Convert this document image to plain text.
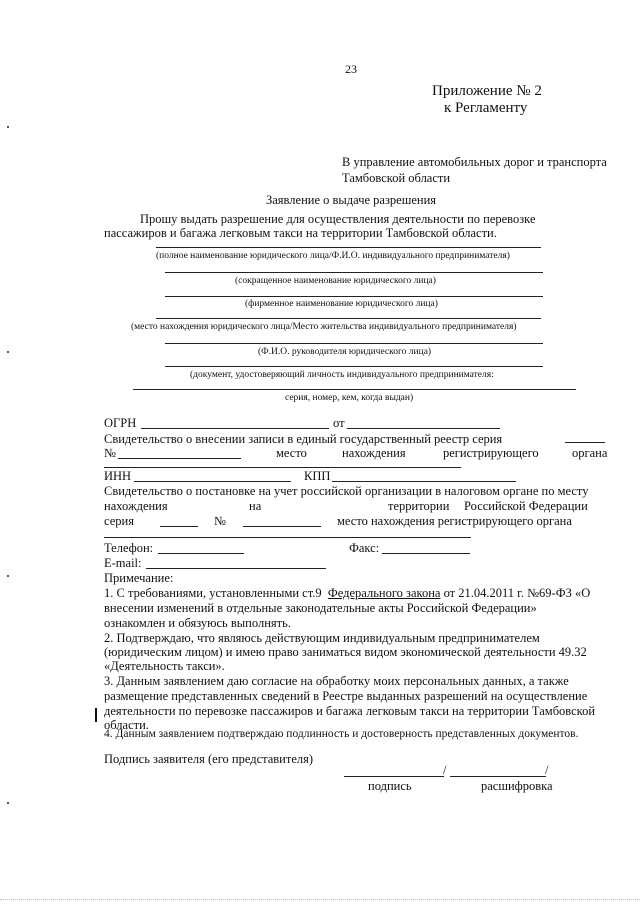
23
Приложение № 2
к Регламенту
В управление автомобильных дорог и транспорта
Тамбовской области
Заявление о выдаче разрешения
Прошу выдать разрешение для осуществления деятельности по перевозке
пассажиров и багажа легковым такси на территории Тамбовской области.
(полное наименование юридического лица/Ф.И.О. индивидуального предпринимателя)
(сокращенное наименование юридического лица)
(фирменное наименование юридического лица)
(место нахождения юридического лица/Место жительства индивидуального предпринимателя)
(Ф.И.О. руководителя юридического лица)
(документ, удостоверяющий личность индивидуального предпринимателя:
серия, номер, кем, когда выдан)
ОГРН	от
Свидетельство о внесении записи в единый государственный реестр серия
№	место	нахождения	регистрирующего	органа
ИНН	КПП
Свидетельство о постановке на учет российской организации в налоговом органе по месту
нахождения	на	территории Российской Федерации
серия	№	место нахождения регистрирующего органа
Телефон:	Факс:
E-mail:
Примечание:
1. С требованиями, установленными ст.9 Федерального закона от 21.04.2011 г. №69-ФЗ «О
внесении изменений в отдельные законодательные акты Российской Федерации»
ознакомлен и обязуюсь выполнять.
2. Подтверждаю, что являюсь действующим индивидуальным предпринимателем
(юридическим лицом) и имею право заниматься видом экономической деятельности 49.32
«Деятельность такси».
3. Данным заявлением даю согласие на обработку моих персональных данных, а также
размещение представленных сведений в Реестре выданных разрешений на осуществление
деятельности по перевозке пассажиров и багажа легковым такси на территории Тамбовской
области.
4. Данным заявлением подтверждаю подлинность и достоверность представленных документов.
Подпись заявителя (его представителя)
/	/
подпись	расшифровка
